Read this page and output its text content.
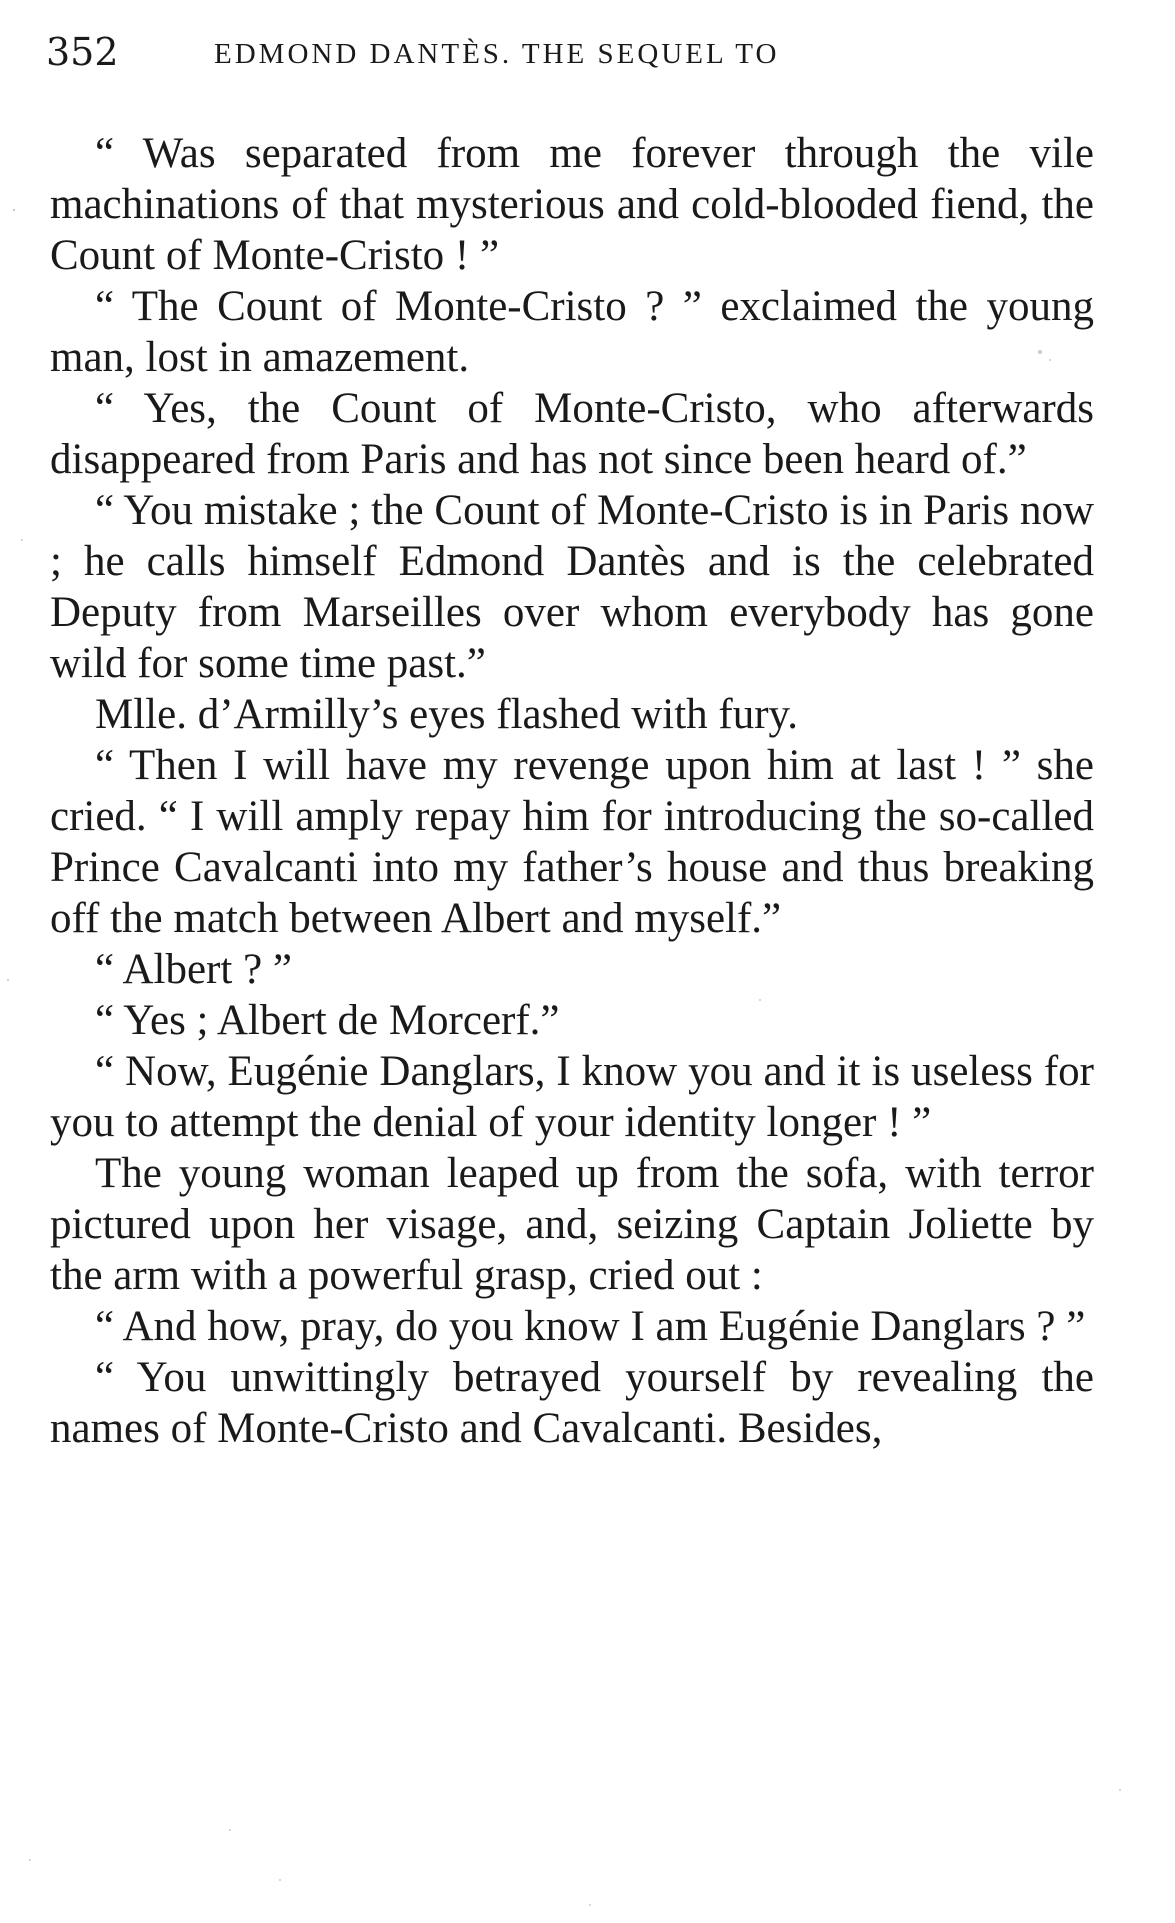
352	EDMOND DANTÈS. THE SEQUEL TO

“ Was separated from me forever through the vile machinations of that mysterious and cold-blooded fiend, the Count of Monte-Cristo ! ”

“ The Count of Monte-Cristo ? ” exclaimed the young man, lost in amazement.

“ Yes, the Count of Monte-Cristo, who afterwards disappeared from Paris and has not since been heard of.”

“ You mistake ; the Count of Monte-Cristo is in Paris now ; he calls himself Edmond Dantès and is the celebrated Deputy from Marseilles over whom everybody has gone wild for some time past.”

Mlle. d’Armilly’s eyes flashed with fury.

“ Then I will have my revenge upon him at last ! ” she cried. “ I will amply repay him for introducing the so-called Prince Cavalcanti into my father’s house and thus breaking off the match between Albert and myself.”

“ Albert ? ”

“ Yes ; Albert de Morcerf.”

“ Now, Eugénie Danglars, I know you and it is useless for you to attempt the denial of your identity longer ! ”

The young woman leaped up from the sofa, with terror pictured upon her visage, and, seizing Captain Joliette by the arm with a powerful grasp, cried out :

“ And how, pray, do you know I am Eugénie Danglars ? ”

“ You unwittingly betrayed yourself by revealing the names of Monte-Cristo and Cavalcanti. Besides,
